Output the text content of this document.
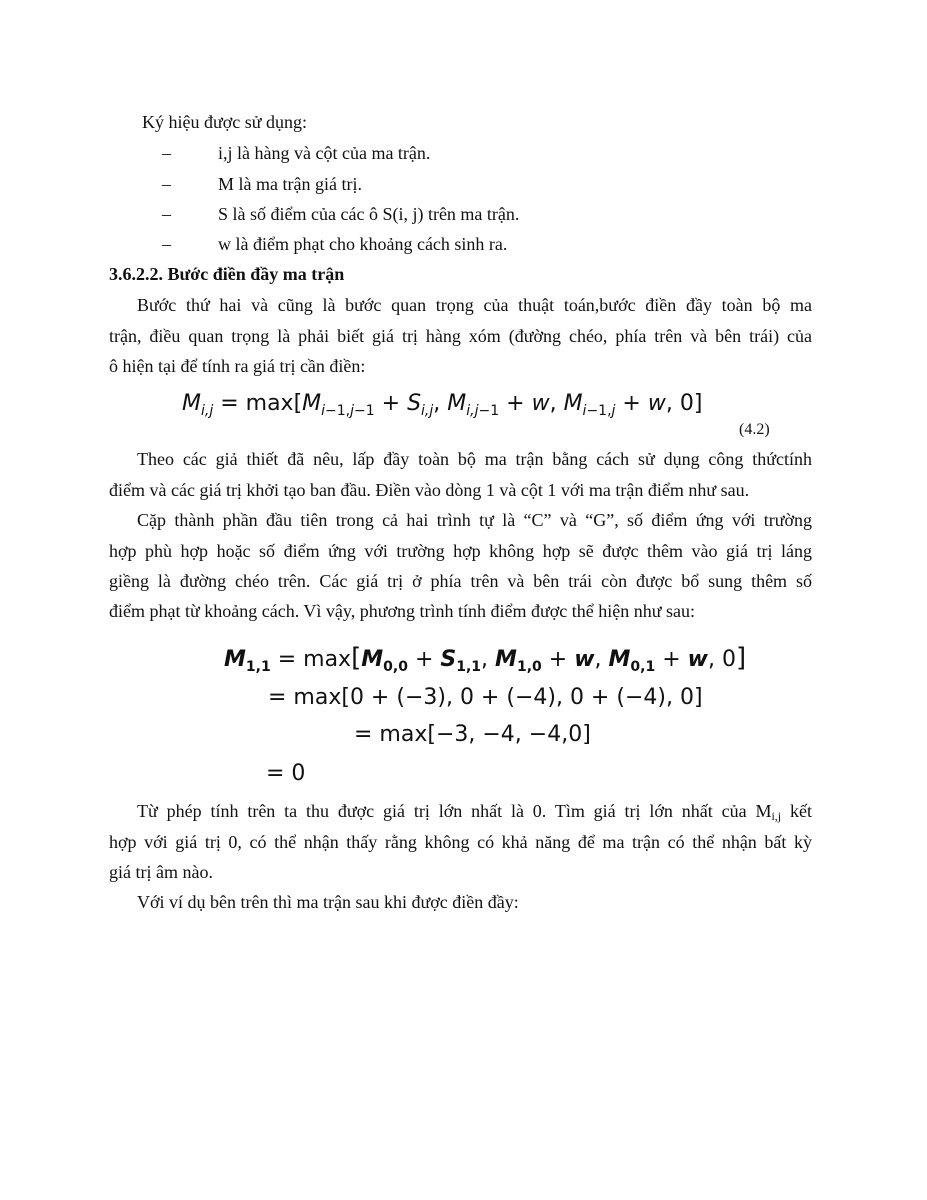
Ký hiệu được sử dụng:
–	i,j là hàng và cột của ma trận.
–	M là ma trận giá trị.
–	S là số điểm của các ô S(i, j) trên ma trận.
–	w là điểm phạt cho khoảng cách sinh ra.
3.6.2.2. Bước điền đầy ma trận
Bước thứ hai và cũng là bước quan trọng của thuật toán,bước điền đầy toàn bộ ma
trận, điều quan trọng là phải biết giá trị hàng xóm (đường chéo, phía trên và bên trái) của
ô hiện tại để tính ra giá trị cần điền:
$M_{i,j} = \max[M_{i-1,j-1} + S_{i,j}$, $M_{i,j-1} + w$, $M_{i-1,j} + w$, 0]
(4.2)
Theo các giả thiết đã nêu, lấp đầy toàn bộ ma trận bằng cách sử dụng công thứctính
điểm và các giá trị khởi tạo ban đầu. Điền vào dòng 1 và cột 1 với ma trận điểm như sau.
Cặp thành phần đầu tiên trong cả hai trình tự là “C” và “G”, số điểm ứng với trường
hợp phù hợp hoặc số điểm ứng với trường hợp không hợp sẽ được thêm vào giá trị láng
giềng là đường chéo trên. Các giá trị ở phía trên và bên trái còn được bổ sung thêm số
điểm phạt từ khoảng cách. Vì vậy, phương trình tính điểm được thể hiện như sau:
$M_{1,1} = \max[M_{0,0} + S_{1,1}$, $M_{1,0} + w$, $M_{0,1} + w$, 0]
= max[0 + (−3), 0 + (−4), 0 + (−4), 0]
= max[−3, −4, −4,0]
= 0
Từ phép tính trên ta thu được giá trị lớn nhất là 0. Tìm giá trị lớn nhất của Mi,j kết
hợp với giá trị 0, có thể nhận thấy rằng không có khả năng để ma trận có thể nhận bất kỳ
giá trị âm nào.
Với ví dụ bên trên thì ma trận sau khi được điền đầy:
